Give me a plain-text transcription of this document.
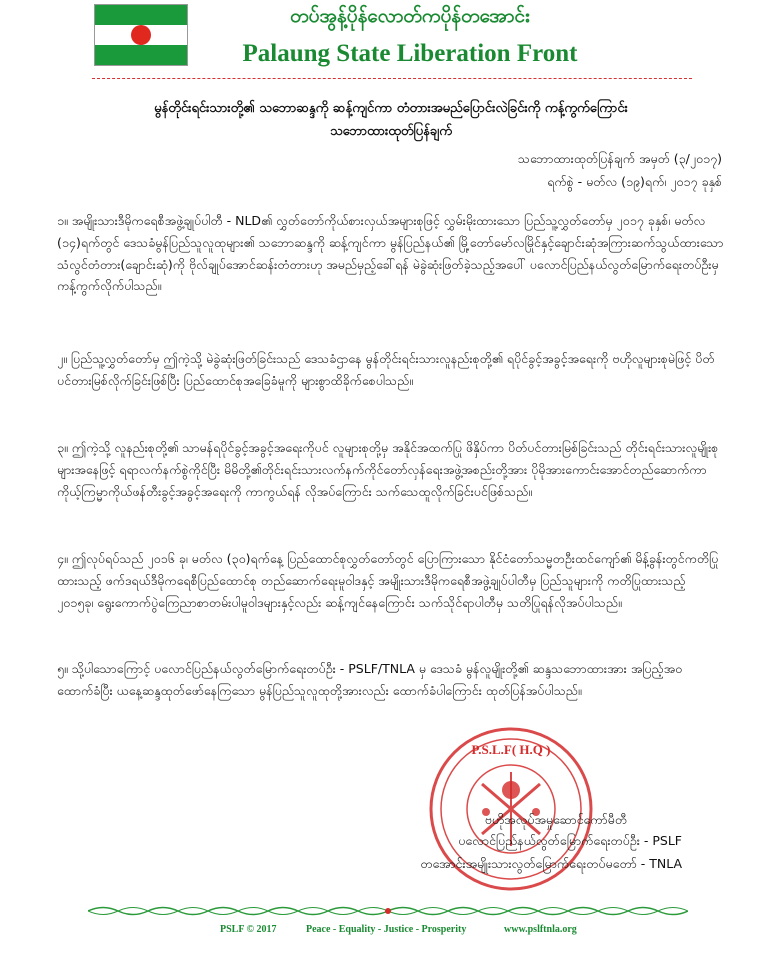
တပ်အွန့်ပိုန်လောတ်ကပိုန်တအောင်း
Palaung State Liberation Front
မွန်တိုင်းရင်းသားတို့၏ သဘောဆန္ဒကို ဆန့်ကျင်ကာ တံတားအမည်ပြောင်းလဲခြင်းကို ကန့်ကွက်ကြောင်း
သဘောထားထုတ်ပြန်ချက်
သဘောထားထုတ်ပြန်ချက် အမှတ် (၃/၂၀၁၇)
ရက်စွဲ - မတ်လ (၁၉)ရက်၊ ၂၀၁၇ ခုနှစ်

၁။ အမျိုးသားဒီမိုကရေစီအဖွဲ့ချုပ်ပါတီ - NLD၏ လွှတ်တော်ကိုယ်စားလှယ်အများစုဖြင့် လွှမ်းမိုးထားသော ပြည်သူ့လွှတ်တော်မှ ၂၀၁၇ ခုနှစ်၊ မတ်လ (၁၄)ရက်တွင် ဒေသခံမွန်ပြည်သူလူထုများ၏ သဘောဆန္ဒကို ဆန့်ကျင်ကာ မွန်ပြည်နယ်၏ မြို့တော်မော်လမြိုင်နှင့်ချောင်းဆုံအကြားဆက်သွယ်ထားသော သံလွင်တံတား(ချောင်းဆုံ)ကို ဗိုလ်ချုပ်အောင်ဆန်းတံတားဟု အမည်မှည့်ခေါ်ရန် မဲခွဲဆုံးဖြတ်ခဲ့သည့်အပေါ် ပလောင်ပြည်နယ်လွတ်မြောက်ရေးတပ်ဦးမှ ကန့်ကွက်လိုက်ပါသည်။

၂။ ပြည်သူ့လွှတ်တော်မှ ဤကဲ့သို့ မဲခွဲဆုံးဖြတ်ခြင်းသည် ဒေသခံဌာနေ မွန်တိုင်းရင်းသားလူနည်းစုတို့၏ ရပိုင်ခွင့်အခွင့်အရေးကို ဗဟိုလူများစုမဲဖြင့် ပိတ်ပင်တားမြစ်လိုက်ခြင်းဖြစ်ပြီး ပြည်ထောင်စုအခြေခံမူကို များစွာထိခိုက်စေပါသည်။

၃။ ဤကဲ့သို့ လူနည်းစုတို့၏ သာမန်ရပိုင်ခွင့်အခွင့်အရေးကိုပင် လူများစုတို့မှ အနိုင်အထက်ပြု ဖိနှိပ်ကာ ပိတ်ပင်တားမြစ်ခြင်းသည် တိုင်းရင်းသားလူမျိုးစုများအနေဖြင့် ရရာလက်နက်စွဲကိုင်ပြီး မိမိတို့၏တိုင်းရင်းသားလက်နက်ကိုင်တော်လှန်ရေးအဖွဲ့အစည်းတို့အား ပိုမိုအားကောင်းအောင်တည်ဆောက်ကာ ကိုယ့်ကြမ္မာကိုယ်ဖန်တီးခွင့်အခွင့်အရေးကို ကာကွယ်ရန် လိုအပ်ကြောင်း သက်သေထူလိုက်ခြင်းပင်ဖြစ်သည်။

၄။ ဤလုပ်ရပ်သည် ၂၀၁၆ ခု၊ မတ်လ (၃၀)ရက်နေ့ ပြည်ထောင်စုလွှတ်တော်တွင် ပြောကြားသော နိုင်ငံတော်သမ္မတဦးထင်ကျော်၏ မိန့်ခွန်းတွင်ကတိပြုထားသည့် ဖက်ဒရယ်ဒီမိုကရေစီပြည်ထောင်စု တည်ဆောက်ရေးမူဝါဒနှင့် အမျိုးသားဒီမိုကရေစီအဖွဲ့ချုပ်ပါတီမှ ပြည်သူများကို ကတိပြုထားသည့် ၂၀၁၅ခု၊ ရွေးကောက်ပွဲကြေညာစာတမ်းပါမူဝါဒများနှင့်လည်း ဆန့်ကျင်နေကြောင်း သက်သိုင်ရာပါတီမှ သတိပြုရန်လိုအပ်ပါသည်။

၅။ သို့ပါသောကြောင့် ပလောင်ပြည်နယ်လွတ်မြောက်ရေးတပ်ဦး - PSLF/TNLA မှ ဒေသခံ မွန်လူမျိုးတို့၏ ဆန္ဒသဘောထားအား အပြည့်အဝထောက်ခံပြီး ယနေ့ဆန္ဒထုတ်ဖော်နေကြသော မွန်ပြည်သူလူထုတို့အားလည်း ထောက်ခံပါကြောင်း ထုတ်ပြန်အပ်ပါသည်။

P.S.L.F( H.Q )
ဗဟိုအလုပ်အမှုဆောင်ကော်မီတီ
ပလောင်ပြည်နယ်လွတ်မြောက်ရေးတပ်ဦး - PSLF
တအောင်းအမျိုးသားလွတ်မြောက်ရေးတပ်မတော် - TNLA
PSLF © 2017	Peace - Equality - Justice - Prosperity	www.pslftnla.org
